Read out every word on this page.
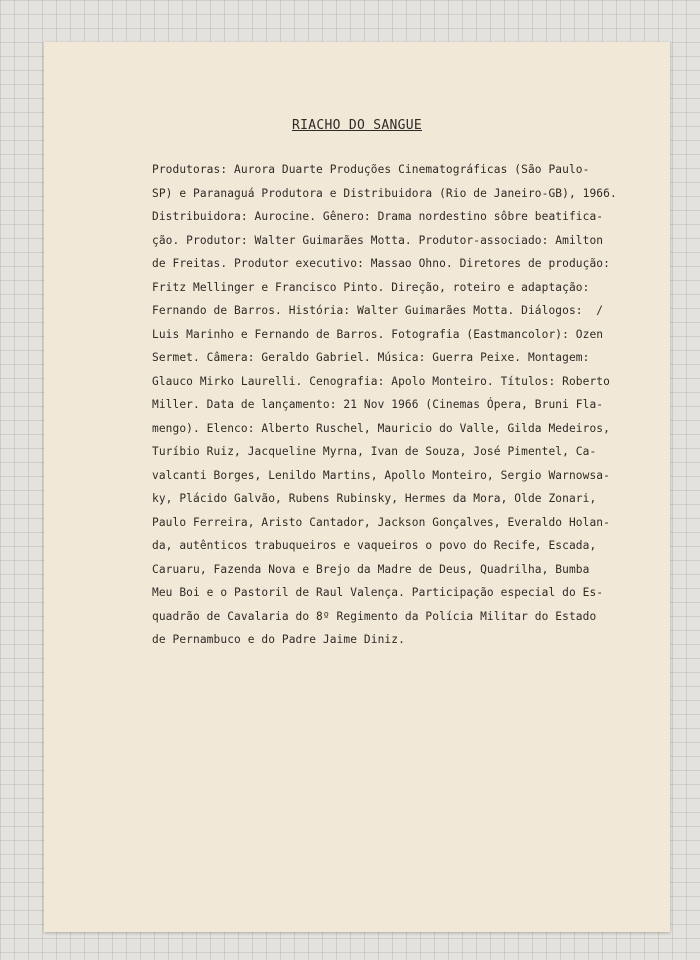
RIACHO DO SANGUE
Produtoras: Aurora Duarte Produções Cinematográficas (São Paulo-
SP) e Paranaguá Produtora e Distribuidora (Rio de Janeiro-GB), 1966.
Distribuidora: Aurocine. Gênero: Drama nordestino sôbre beatifica-
ção. Produtor: Walter Guimarães Motta. Produtor-associado: Amilton
de Freitas. Produtor executivo: Massao Ohno. Diretores de produção:
Fritz Mellinger e Francisco Pinto. Direção, roteiro e adaptação:
Fernando de Barros. História: Walter Guimarães Motta. Diálogos:  /
Luis Marinho e Fernando de Barros. Fotografia (Eastmancolor): Ozen
Sermet. Câmera: Geraldo Gabriel. Música: Guerra Peixe. Montagem:
Glauco Mirko Laurelli. Cenografia: Apolo Monteiro. Títulos: Roberto
Miller. Data de lançamento: 21 Nov 1966 (Cinemas Ópera, Bruni Fla-
mengo). Elenco: Alberto Ruschel, Mauricio do Valle, Gilda Medeiros,
Turíbio Ruiz, Jacqueline Myrna, Ivan de Souza, José Pimentel, Ca-
valcanti Borges, Lenildo Martins, Apollo Monteiro, Sergio Warnowsa-
ky, Plácido Galvão, Rubens Rubinsky, Hermes da Mora, Olde Zonari,
Paulo Ferreira, Aristo Cantador, Jackson Gonçalves, Everaldo Holan-
da, autênticos trabuqueiros e vaqueiros o povo do Recife, Escada,
Caruaru, Fazenda Nova e Brejo da Madre de Deus, Quadrilha, Bumba
Meu Boi e o Pastoril de Raul Valença. Participação especial do Es-
quadrão de Cavalaria do 8º Regimento da Polícia Militar do Estado
de Pernambuco e do Padre Jaime Diniz.
